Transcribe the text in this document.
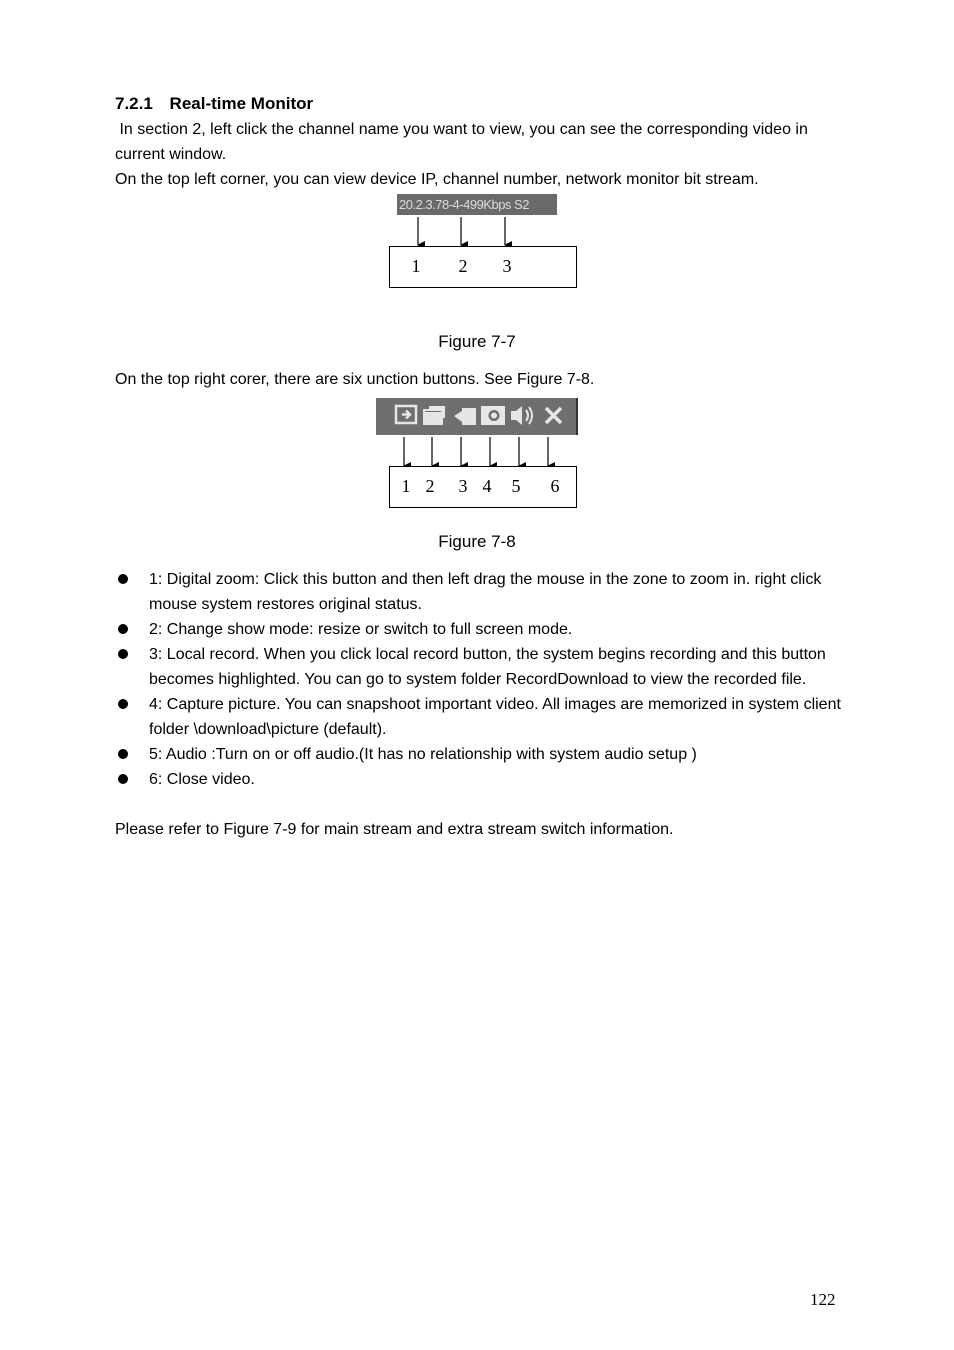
7.2.1 Real-time Monitor
In section 2, left click the channel name you want to view, you can see the corresponding video in current window.
On the top left corner, you can view device IP, channel number, network monitor bit stream.
20.2.3.78-4-499Kbps S2
1 2 3
Figure 7-7
On the top right corer, there are six unction buttons. See Figure 7-8.
1 2 3 4 5 6
Figure 7-8
1: Digital zoom: Click this button and then left drag the mouse in the zone to zoom in. right click mouse system restores original status.
2: Change show mode: resize or switch to full screen mode.
3: Local record. When you click local record button, the system begins recording and this button becomes highlighted. You can go to system folder RecordDownload to view the recorded file.
4: Capture picture. You can snapshoot important video. All images are memorized in system client folder \download\picture (default).
5: Audio :Turn on or off audio.(It has no relationship with system audio setup )
6: Close video.
Please refer to Figure 7-9 for main stream and extra stream switch information.
122
